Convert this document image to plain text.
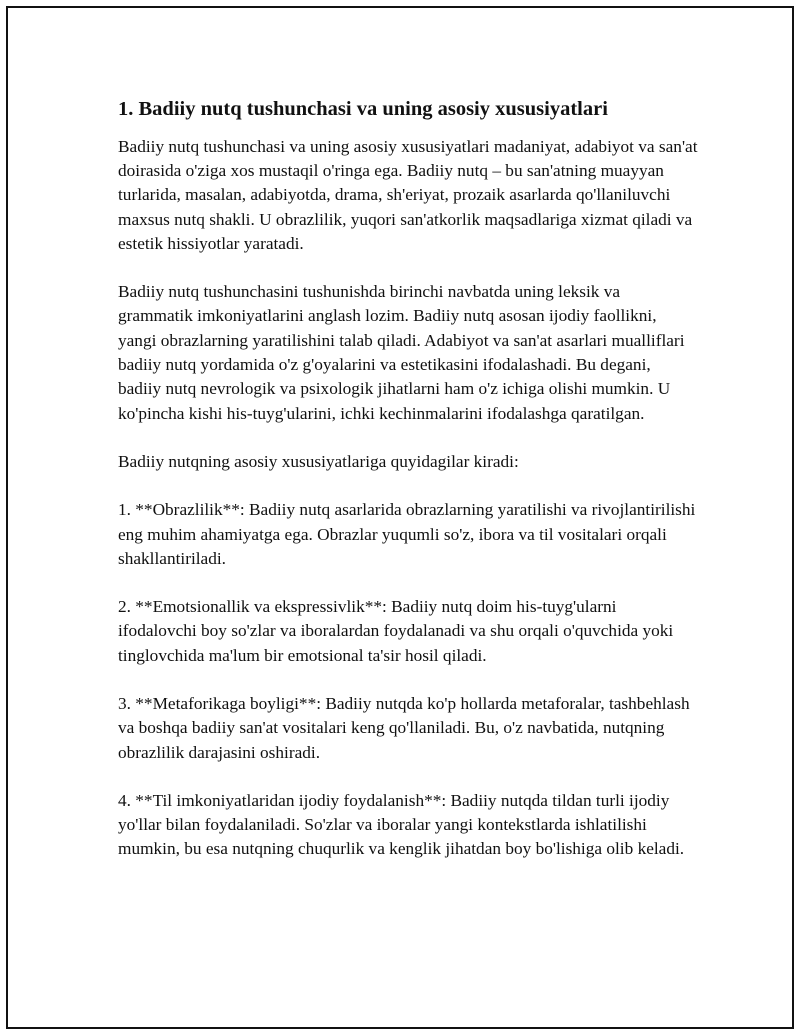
1. Badiiy nutq tushunchasi va uning asosiy xususiyatlari

Badiiy nutq tushunchasi va uning asosiy xususiyatlari madaniyat, adabiyot va san'at doirasida o'ziga xos mustaqil o'ringa ega. Badiiy nutq – bu san'atning muayyan turlarida, masalan, adabiyotda, drama, sh'eriyat, prozaik asarlarda qo'llaniluvchi maxsus nutq shakli. U obrazlilik, yuqori san'atkorlik maqsadlariga xizmat qiladi va estetik hissiyotlar yaratadi.

Badiiy nutq tushunchasini tushunishda birinchi navbatda uning leksik va grammatik imkoniyatlarini anglash lozim. Badiiy nutq asosan ijodiy faollikni, yangi obrazlarning yaratilishini talab qiladi. Adabiyot va san'at asarlari mualliflari badiiy nutq yordamida o'z g'oyalarini va estetikasini ifodalashadi. Bu degani, badiiy nutq nevrologik va psixologik jihatlarni ham o'z ichiga olishi mumkin. U ko'pincha kishi his-tuyg'ularini, ichki kechinmalarini ifodalashga qaratilgan.

Badiiy nutqning asosiy xususiyatlariga quyidagilar kiradi:

1. **Obrazlilik**: Badiiy nutq asarlarida obrazlarning yaratilishi va rivojlantirilishi eng muhim ahamiyatga ega. Obrazlar yuqumli so'z, ibora va til vositalari orqali shakllantiriladi.

2. **Emotsionallik va ekspressivlik**: Badiiy nutq doim his-tuyg'ularni ifodalovchi boy so'zlar va iboralardan foydalanadi va shu orqali o'quvchida yoki tinglovchida ma'lum bir emotsional ta'sir hosil qiladi.

3. **Metaforikaga boyligi**: Badiiy nutqda ko'p hollarda metaforalar, tashbehlash va boshqa badiiy san'at vositalari keng qo'llaniladi. Bu, o'z navbatida, nutqning obrazlilik darajasini oshiradi.

4. **Til imkoniyatlaridan ijodiy foydalanish**: Badiiy nutqda tildan turli ijodiy yo'llar bilan foydalaniladi. So'zlar va iboralar yangi kontekstlarda ishlatilishi mumkin, bu esa nutqning chuqurlik va kenglik jihatdan boy bo'lishiga olib keladi.
